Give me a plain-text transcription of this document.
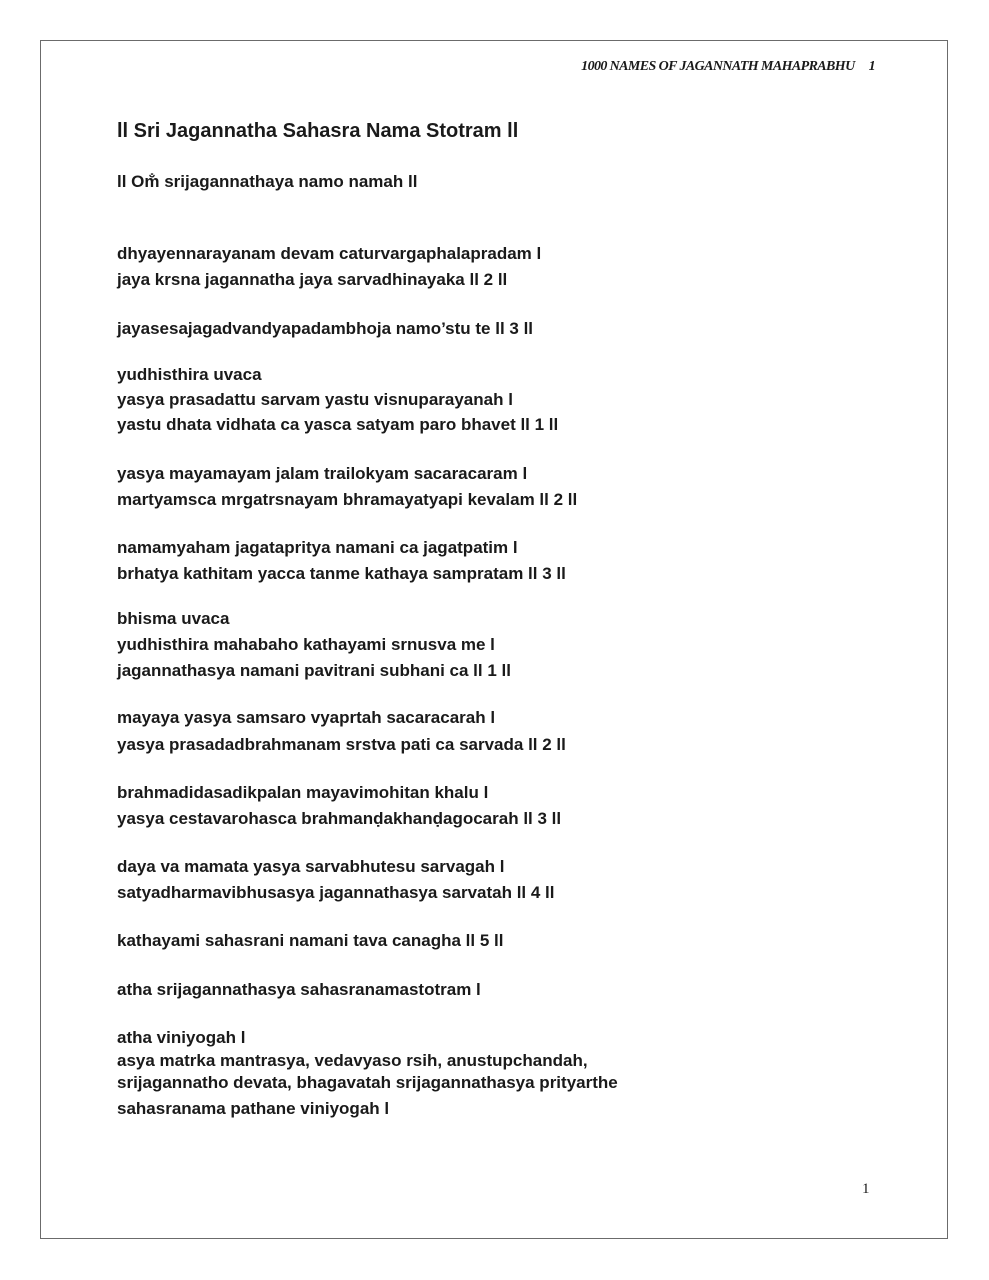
1000 NAMES OF JAGANNATH MAHAPRABHU 1
ll Sri Jagannatha Sahasra Nama Stotram ll
ll Om̐ srijagannathaya namo namah ll
dhyayennarayanam devam caturvargaphalapradam l
jaya krsna jagannatha jaya sarvadhinayaka ll 2 ll
jayasesajagadvandyapadambhoja namo’stu te ll 3 ll
yudhisthira uvaca
yasya prasadattu sarvam yastu visnuparayanah l
yastu dhata vidhata ca yasca satyam paro bhavet ll 1 ll
yasya mayamayam jalam trailokyam sacaracaram l
martyamsca mrgatrsnayam bhramayatyapi kevalam ll 2 ll
namamyaham jagatapritya namani ca jagatpatim l
brhatya kathitam yacca tanme kathaya sampratam ll 3 ll
bhisma uvaca
yudhisthira mahabaho kathayami srnusva me l
jagannathasya namani pavitrani subhani ca ll 1 ll
mayaya yasya samsaro vyaprtah sacaracarah l
yasya prasadadbrahmanam srstva pati ca sarvada ll 2 ll
brahmadidasadikpalan mayavimohitan khalu l
yasya cestavarohasca brahmanḍakhanḍagocarah ll 3 ll
daya va mamata yasya sarvabhutesu sarvagah l
satyadharmavibhusasya jagannathasya sarvatah ll 4 ll
kathayami sahasrani namani tava canagha ll 5 ll
atha srijagannathasya sahasranamastotram l
atha viniyogah l
asya matrka mantrasya, vedavyaso rsih, anustupchandah,
srijagannatho devata, bhagavatah srijagannathasya prityarthe
sahasranama pathane viniyogah l
1
